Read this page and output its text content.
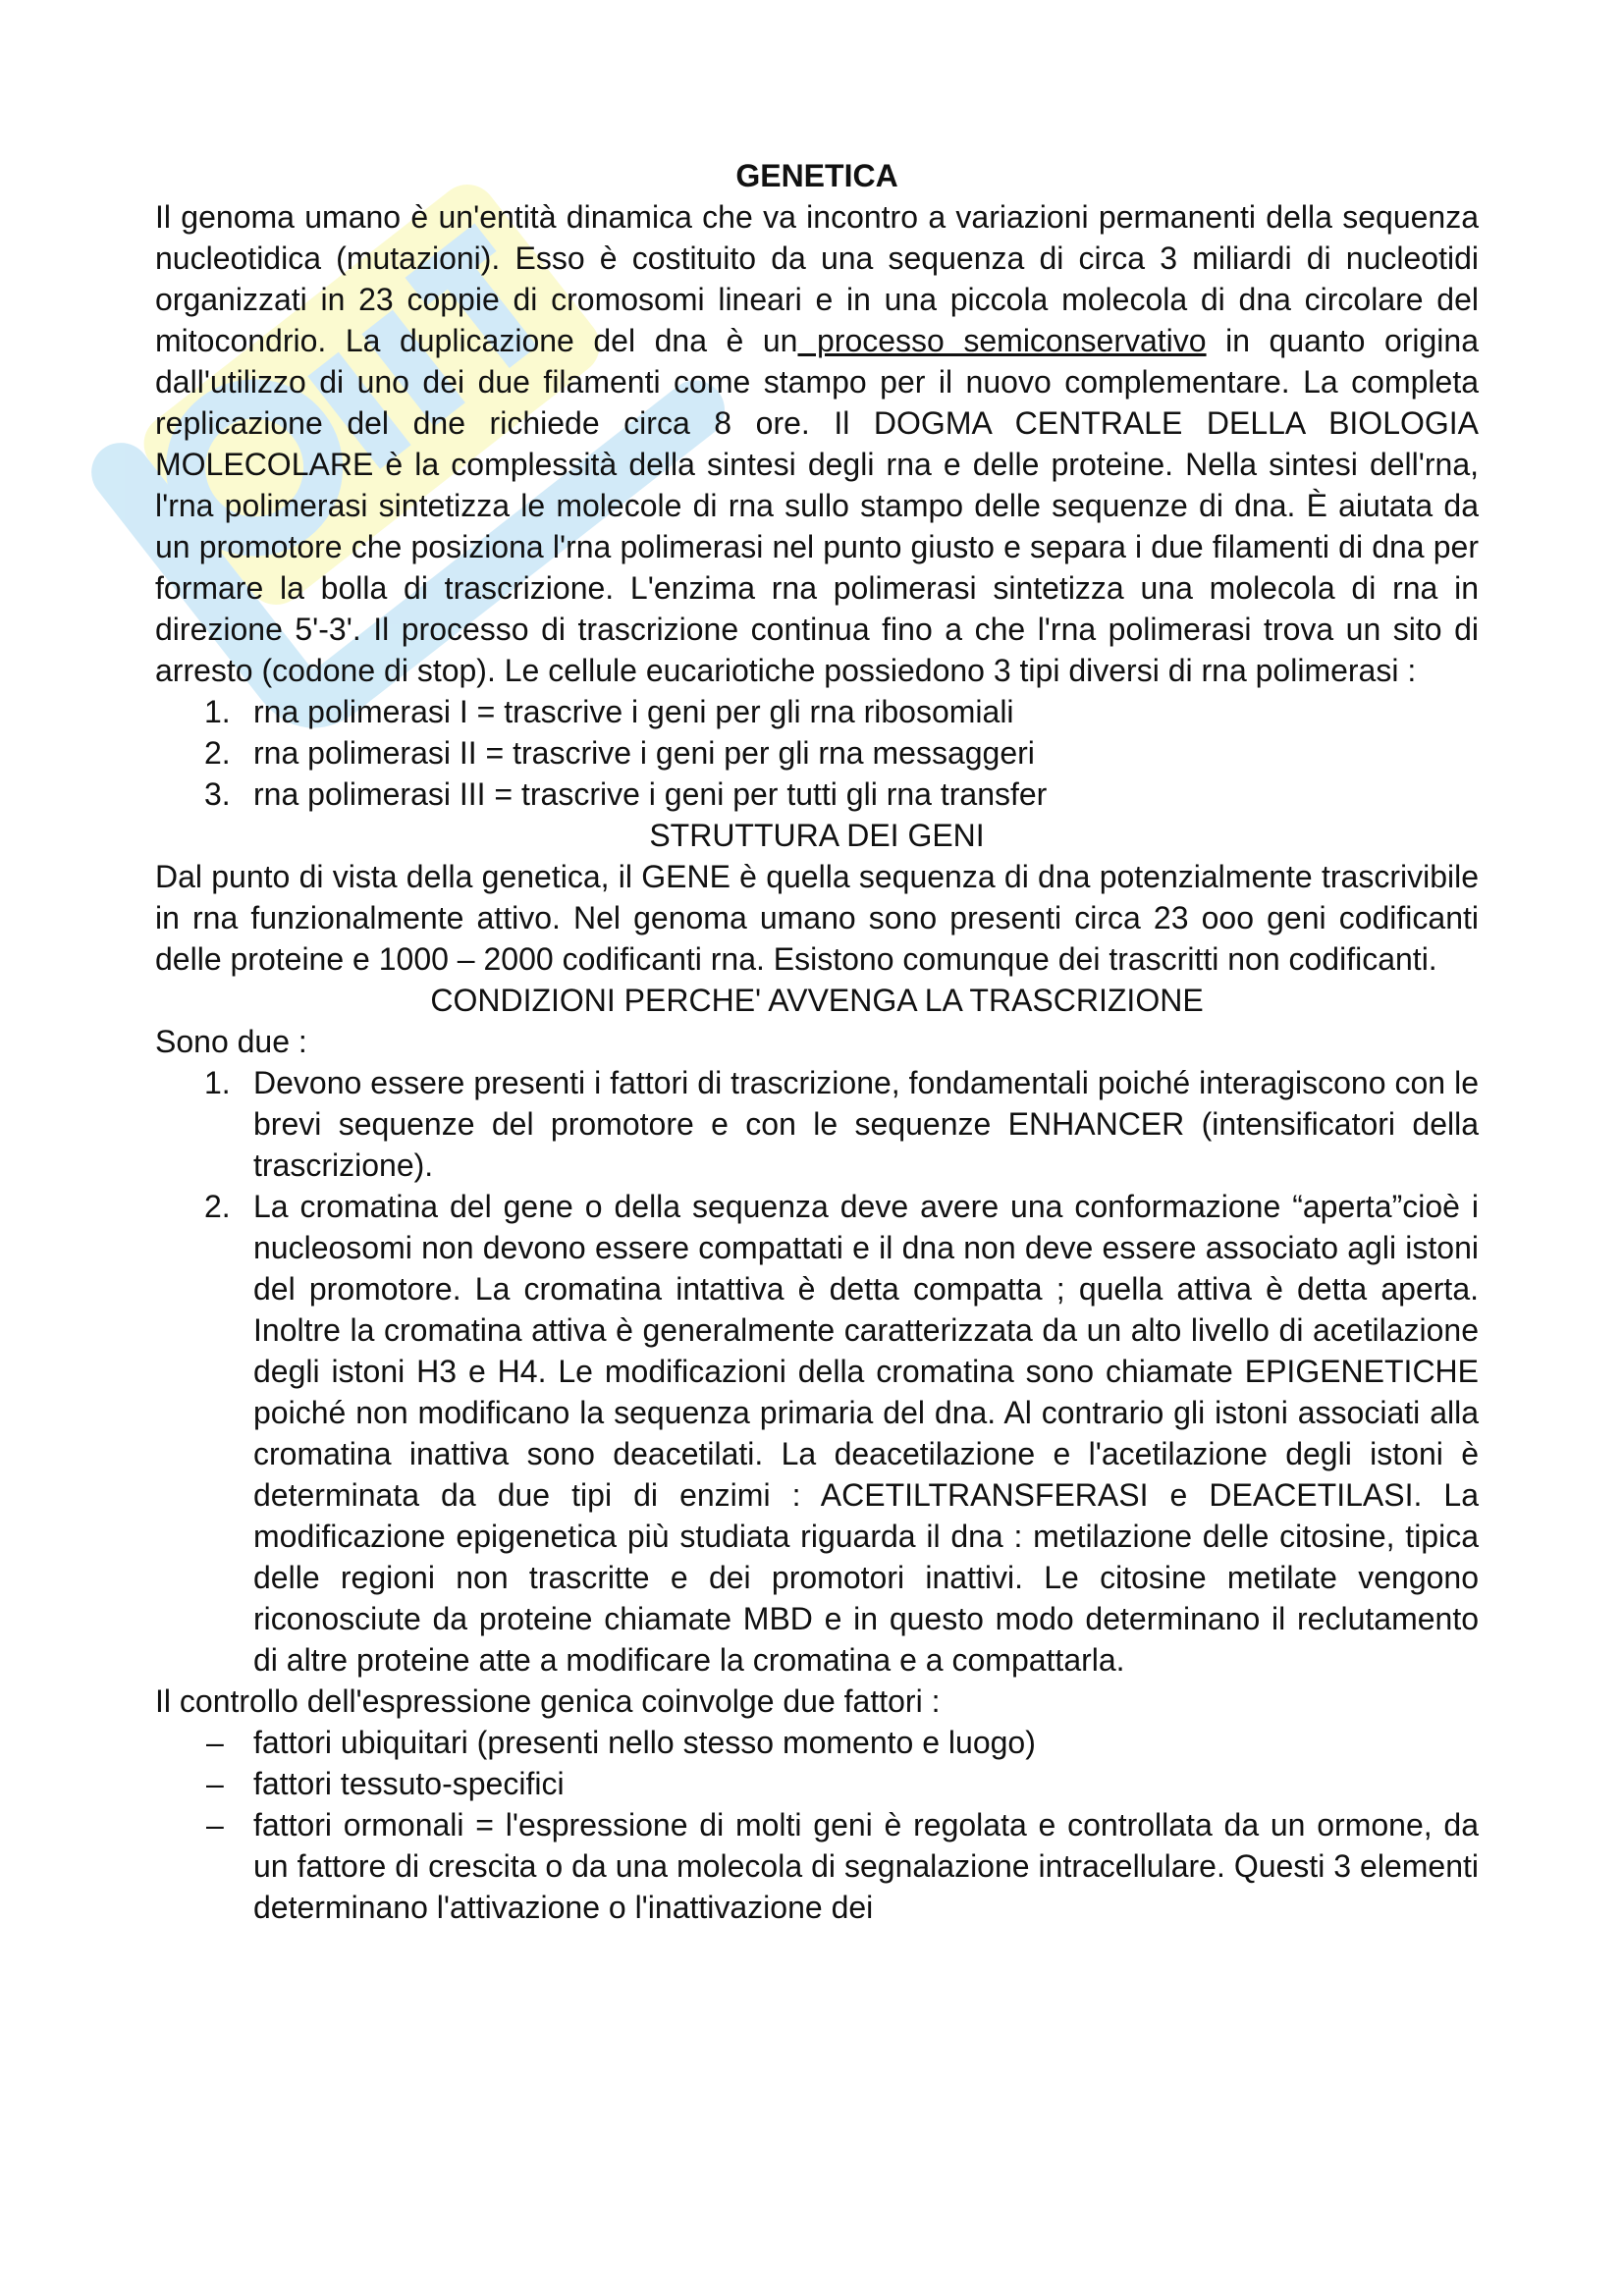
GENETICA

Il genoma umano è un'entità dinamica che va incontro a variazioni permanenti della sequenza nucleotidica (mutazioni). Esso è costituito da una sequenza di circa 3 miliardi di nucleotidi organizzati in 23 coppie di cromosomi lineari e in una piccola molecola di dna circolare del mitocondrio. La duplicazione del dna è un processo semiconservativo in quanto origina dall'utilizzo di uno dei due filamenti come stampo per il nuovo complementare. La completa replicazione del dne richiede circa 8 ore. Il DOGMA CENTRALE DELLA BIOLOGIA MOLECOLARE è la complessità della sintesi degli rna e delle proteine. Nella sintesi dell'rna, l'rna polimerasi sintetizza le molecole di rna sullo stampo delle sequenze di dna. È aiutata da un promotore che posiziona l'rna polimerasi nel punto giusto e separa i due filamenti di dna per formare la bolla di trascrizione. L'enzima rna polimerasi sintetizza una molecola di rna in direzione 5'-3'. Il processo di trascrizione continua fino a che l'rna polimerasi trova un sito di arresto (codone di stop). Le cellule eucariotiche possiedono 3 tipi diversi di rna polimerasi :

1. rna polimerasi I = trascrive i geni per gli rna ribosomiali
2. rna polimerasi II = trascrive i geni per gli rna messaggeri
3. rna polimerasi III = trascrive i geni per tutti gli rna transfer
STRUTTURA DEI GENI

Dal punto di vista della genetica, il GENE è quella sequenza di dna potenzialmente trascrivibile in rna funzionalmente attivo. Nel genoma umano sono presenti circa 23 ooo geni codificanti delle proteine e 1000 – 2000 codificanti rna. Esistono comunque dei trascritti non codificanti.

CONDIZIONI PERCHE' AVVENGA LA TRASCRIZIONE

Sono due :

1. Devono essere presenti i fattori di trascrizione, fondamentali poiché interagiscono con le brevi sequenze del promotore e con le sequenze ENHANCER (intensificatori della trascrizione).
2. La cromatina del gene o della sequenza deve avere una conformazione “aperta”cioè i nucleosomi non devono essere compattati e il dna non deve essere associato agli istoni del promotore. La cromatina intattiva è detta compatta ; quella attiva è detta aperta. Inoltre la cromatina attiva è generalmente caratterizzata da un alto livello di acetilazione degli istoni H3 e H4. Le modificazioni della cromatina sono chiamate EPIGENETICHE poiché non modificano la sequenza primaria del dna. Al contrario gli istoni associati alla cromatina inattiva sono deacetilati. La deacetilazione e l'acetilazione degli istoni è determinata da due tipi di enzimi : ACETILTRANSFERASI e DEACETILASI. La modificazione epigenetica più studiata riguarda il dna : metilazione delle citosine, tipica delle regioni non trascritte e dei promotori inattivi. Le citosine metilate vengono riconosciute da proteine chiamate MBD e in questo modo determinano il reclutamento di altre proteine atte a modificare la cromatina e a compattarla.

Il controllo dell'espressione genica coinvolge due fattori :

– fattori ubiquitari (presenti nello stesso momento e luogo)
– fattori tessuto-specifici
– fattori ormonali = l'espressione di molti geni è regolata e controllata da un ormone, da un fattore di crescita o da una molecola di segnalazione intracellulare. Questi 3 elementi determinano l'attivazione o l'inattivazione dei
